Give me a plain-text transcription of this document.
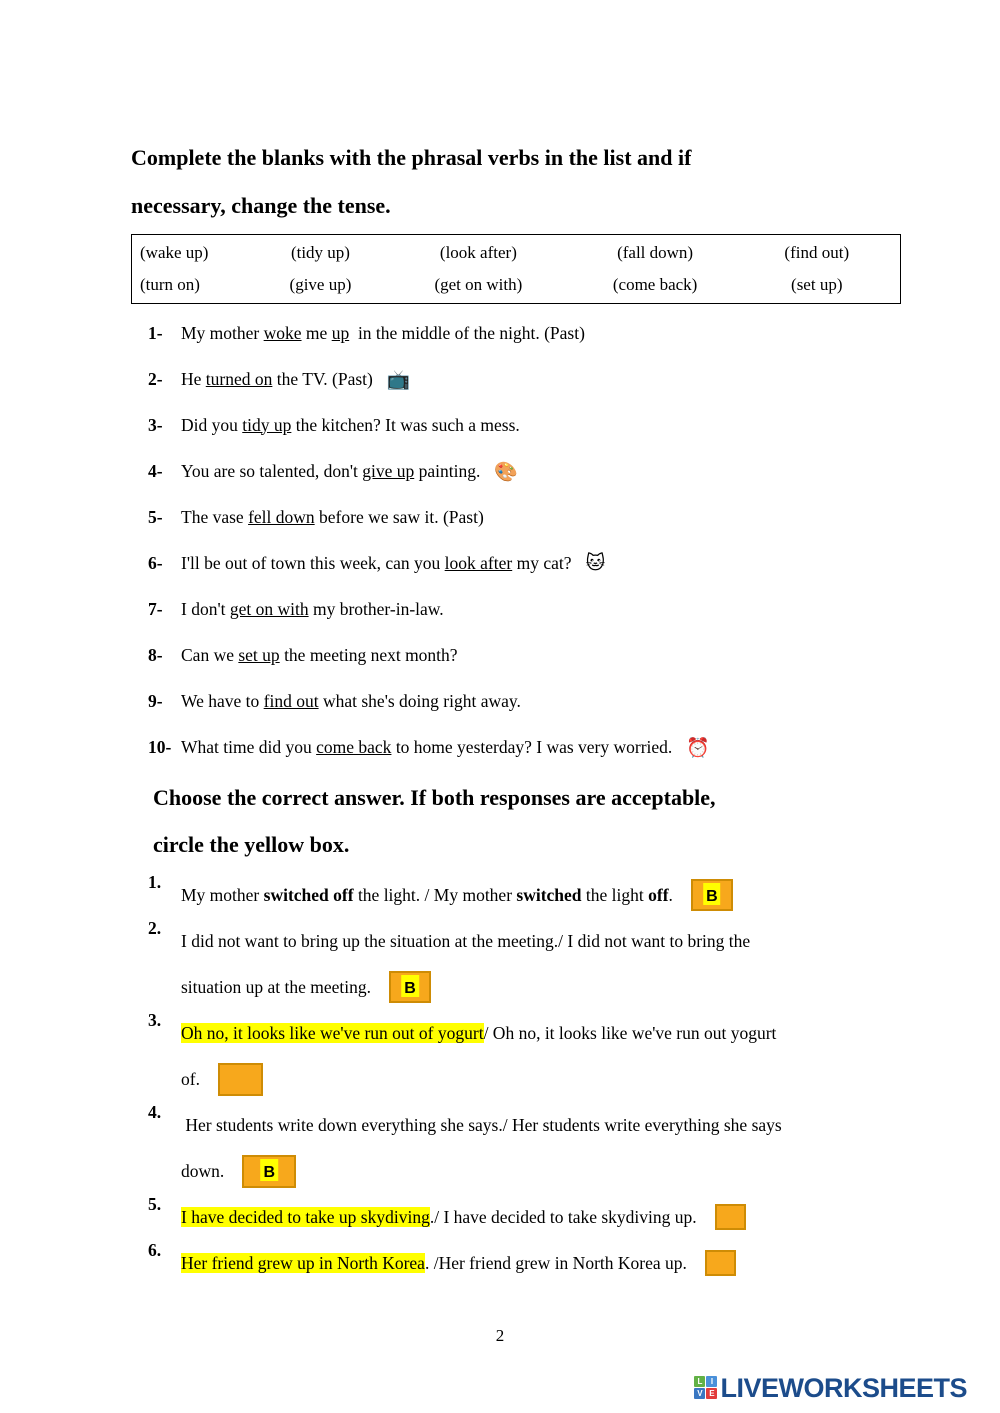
Complete the blanks with the phrasal verbs in the list and if
necessary, change the tense.
(wake up)	(tidy up)	(look after)	(fall down)	(find out)
(turn on)	(give up)	(get on with)	(come back)	(set up)
1-	My mother woke me up  in the middle of the night. (Past)
2-	He turned on the TV. (Past) 📺
3-	Did you tidy up the kitchen? It was such a mess.
4-	You are so talented, don't give up painting. 🎨
5-	The vase fell down before we saw it. (Past)
6-	I'll be out of town this week, can you look after my cat? 🐱
7-	I don't get on with my brother-in-law.
8-	Can we set up the meeting next month?
9-	We have to find out what she's doing right away.
10- What time did you come back to home yesterday? I was very worried. ⏰
Choose the correct answer. If both responses are acceptable,
circle the yellow box.
1.
My mother switched off the light. / My mother switched the light off. B
2.
I did not want to bring up the situation at the meeting./ I did not want to bring the
situation up at the meeting. B
3.
Oh no, it looks like we've run out of yogurt/ Oh no, it looks like we've run out yogurt
of.
4.
Her students write down everything she says./ Her students write everything she says
down. B
5.
I have decided to take up skydiving./ I have decided to take skydiving up.
6.
Her friend grew up in North Korea. /Her friend grew in North Korea up.
2
L	I
V E LIVEWORKSHEETS
